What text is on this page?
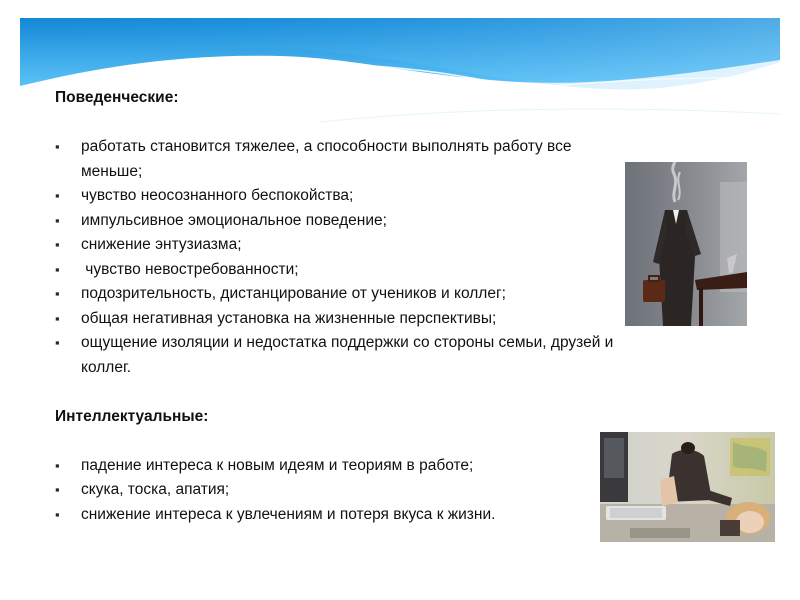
Поведенческие:

▪ работать становится тяжелее, а способности выполнять работу все меньше;
▪ чувство неосознанного беспокойства;
▪ импульсивное эмоциональное поведение;
▪ снижение энтузиазма;
▪  чувство невостребованности;
▪ подозрительность, дистанцирование от учеников и коллег;
▪ общая негативная установка на жизненные перспективы;
▪ ощущение изоляции и недостатка поддержки со стороны семьи, друзей и коллег.

Интеллектуальные:

▪ падение интереса к новым идеям и теориям в работе;
▪ скука, тоска, апатия;
▪ снижение интереса к увлечениям и потеря вкуса к жизни.
